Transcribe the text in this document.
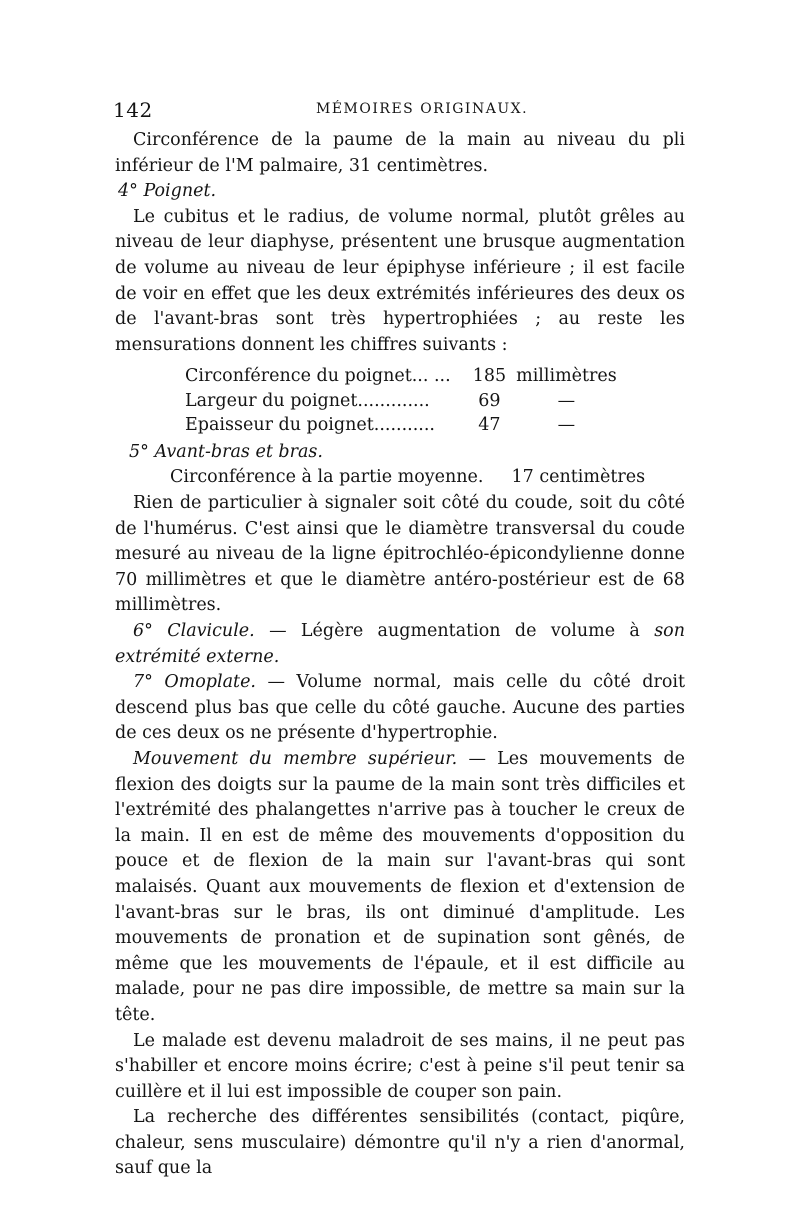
142	MÉMOIRES ORIGINAUX.

Circonférence de la paume de la main au niveau du pli inférieur de l'M palmaire, 31 centimètres.

4° Poignet.

Le cubitus et le radius, de volume normal, plutôt grêles au niveau de leur diaphyse, présentent une brusque augmentation de volume au niveau de leur épiphyse inférieure ; il est facile de voir en effet que les deux extrémités inférieures des deux os de l'avant-bras sont très hypertrophiées ; au reste les mensurations donnent les chiffres suivants :

Circonférence du poignet... ...	185	millimètres
Largeur du poignet.............	69	—
Epaisseur du poignet...........	47	—

5° Avant-bras et bras.

Circonférence à la partie moyenne. 17 centimètres

Rien de particulier à signaler soit côté du coude, soit du côté de l'humérus. C'est ainsi que le diamètre transversal du coude mesuré au niveau de la ligne épitrochléo-épicondylienne donne 70 millimètres et que le diamètre antéro-postérieur est de 68 millimètres.

6° Clavicule. — Légère augmentation de volume à son extrémité externe.

7° Omoplate. — Volume normal, mais celle du côté droit descend plus bas que celle du côté gauche. Aucune des parties de ces deux os ne présente d'hypertrophie.

Mouvement du membre supérieur. — Les mouvements de flexion des doigts sur la paume de la main sont très difficiles et l'extrémité des phalangettes n'arrive pas à toucher le creux de la main. Il en est de même des mouvements d'opposition du pouce et de flexion de la main sur l'avant-bras qui sont malaisés. Quant aux mouvements de flexion et d'extension de l'avant-bras sur le bras, ils ont diminué d'amplitude. Les mouvements de pronation et de supination sont gênés, de même que les mouvements de l'épaule, et il est difficile au malade, pour ne pas dire impossible, de mettre sa main sur la tête.

Le malade est devenu maladroit de ses mains, il ne peut pas s'habiller et encore moins écrire; c'est à peine s'il peut tenir sa cuillère et il lui est impossible de couper son pain.

La recherche des différentes sensibilités (contact, piqûre, chaleur, sens musculaire) démontre qu'il n'y a rien d'anormal, sauf que la
